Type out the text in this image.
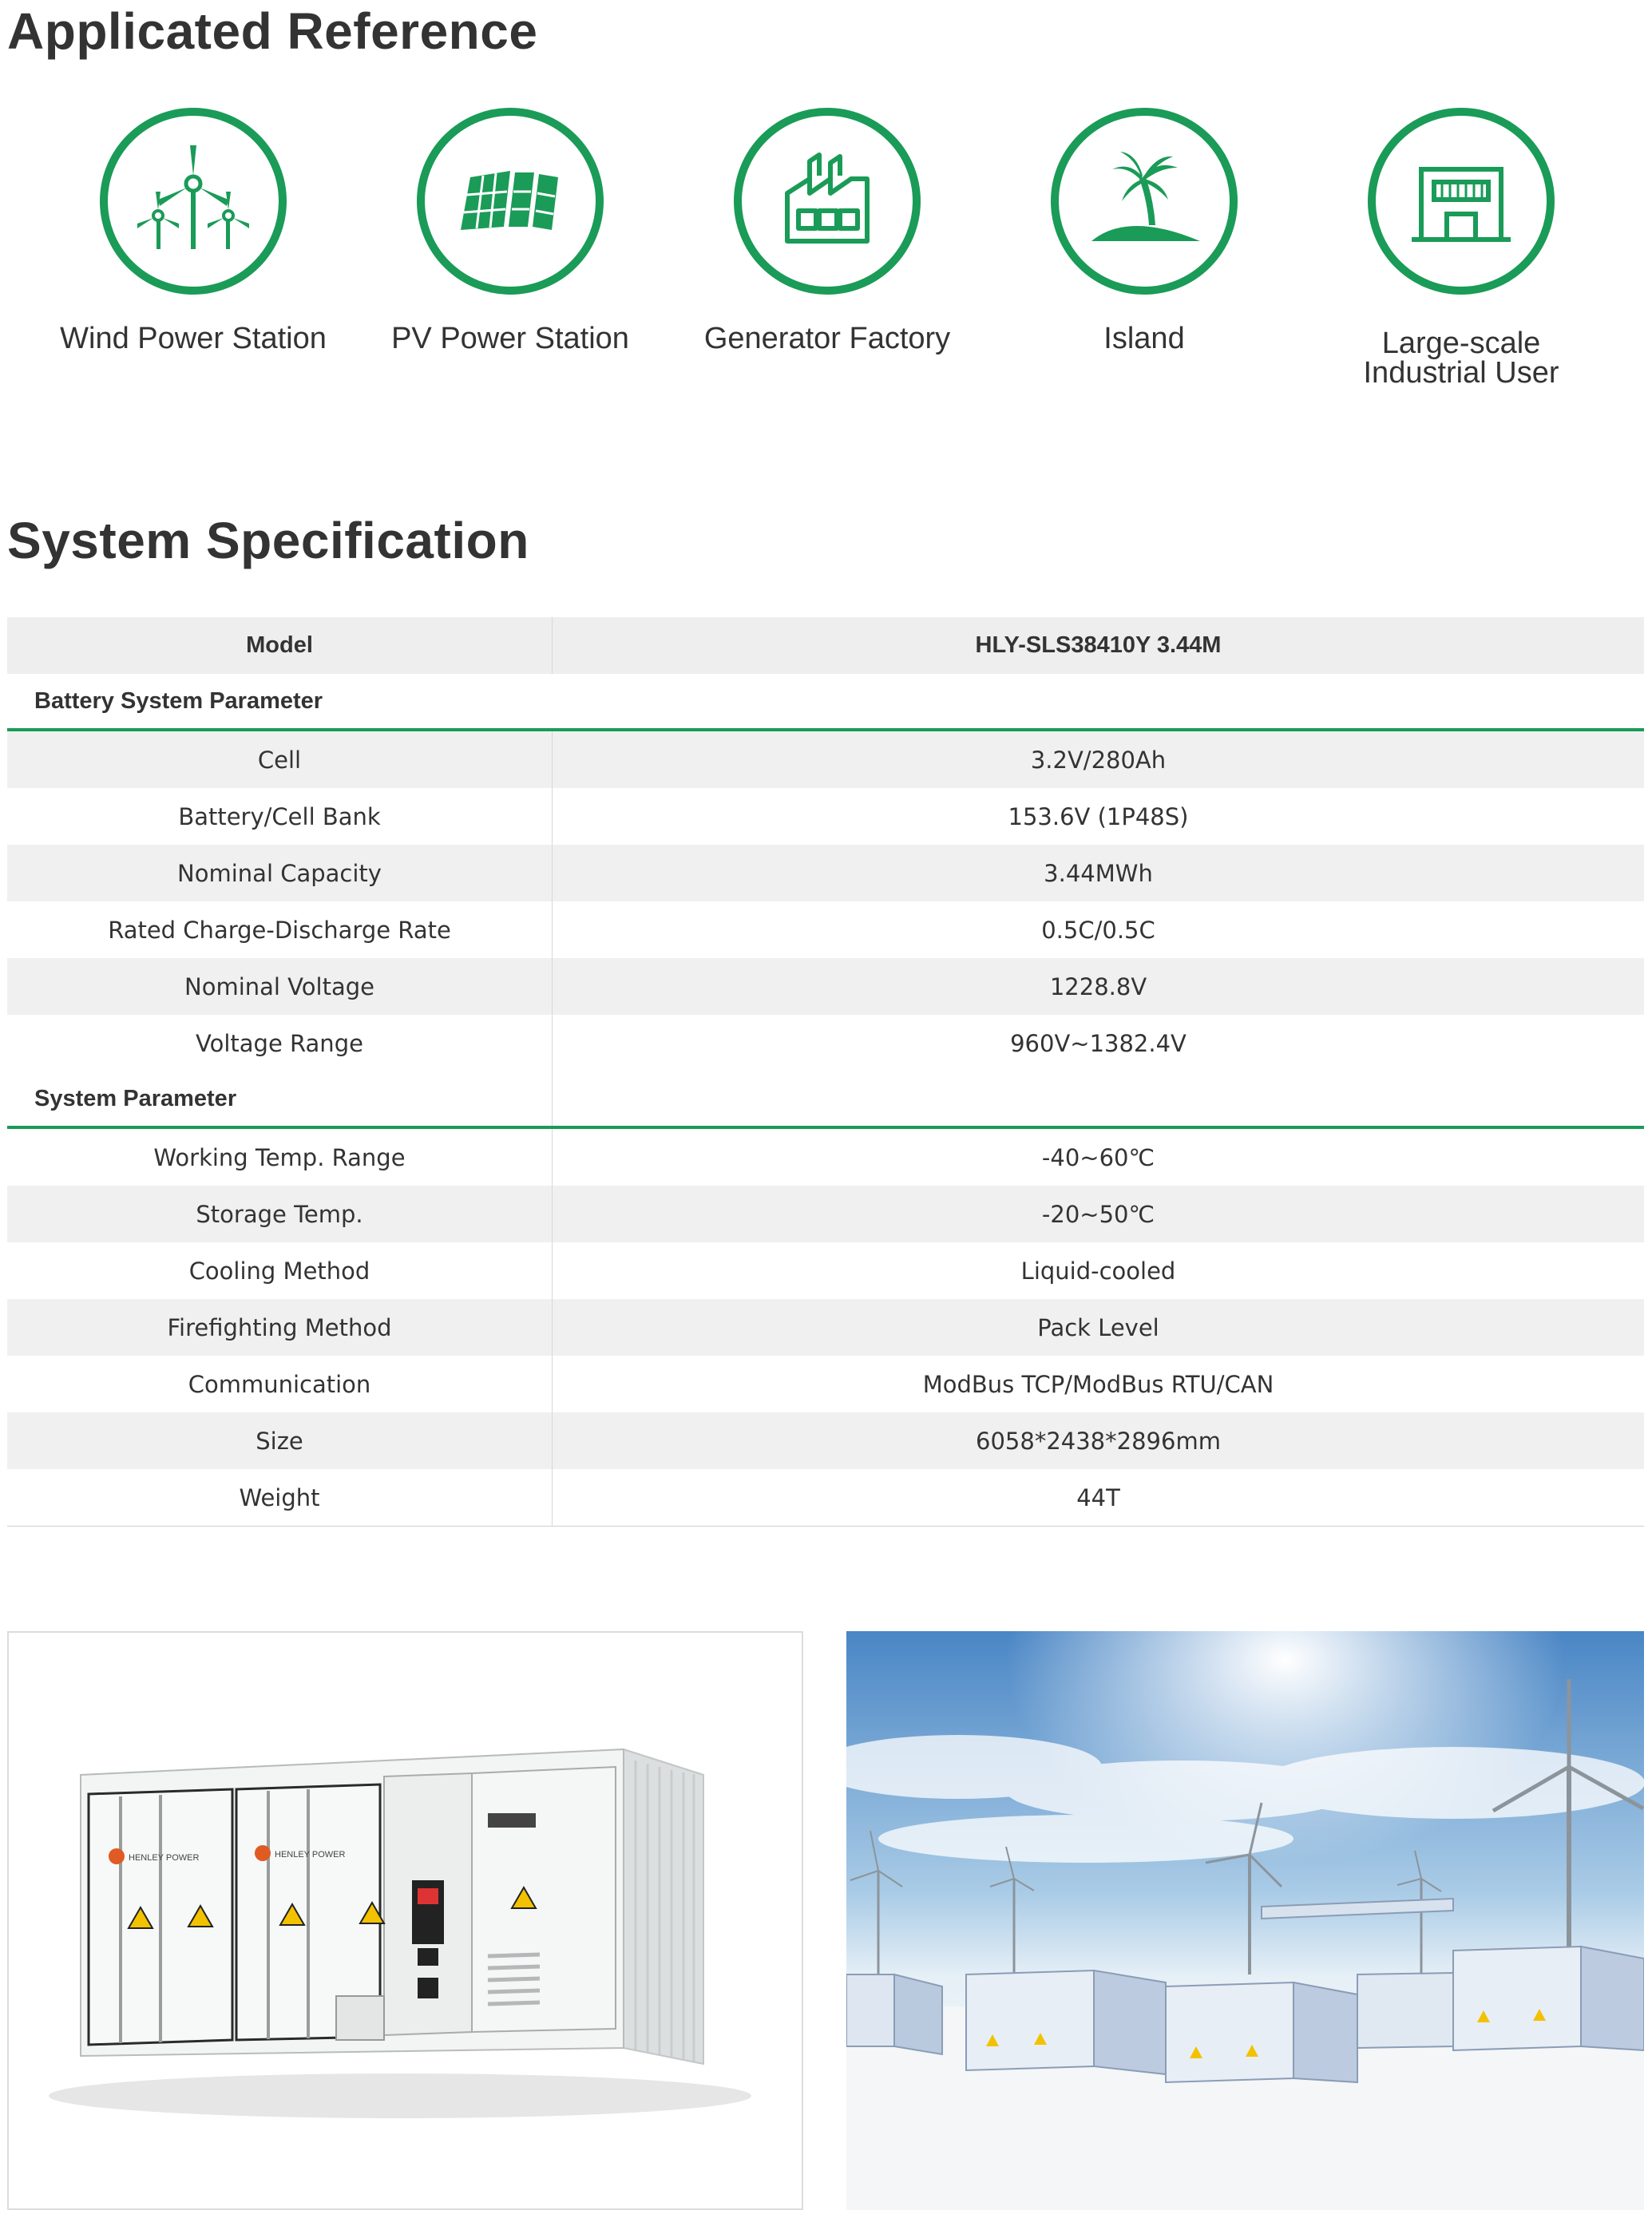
Applicated Reference
Wind Power Station	PV Power Station	Generator Factory	Island	Large-scale
Industrial User
System Specification
Model	HLY-SLS38410Y 3.44M
Battery System Parameter	
Cell	3.2V/280Ah
Battery/Cell Bank	153.6V (1P48S)
Nominal Capacity	3.44MWh
Rated Charge-Discharge Rate	0.5C/0.5C
Nominal Voltage	1228.8V
Voltage Range	960V~1382.4V
System Parameter	
Working Temp. Range	-40~60℃
Storage Temp.	-20~50℃
Cooling Method	Liquid-cooled
Firefighting Method	Pack Level
Communication	ModBus TCP/ModBus RTU/CAN
Size	6058*2438*2896mm
Weight	44T
HENLEY POWER	HENLEY POWER
